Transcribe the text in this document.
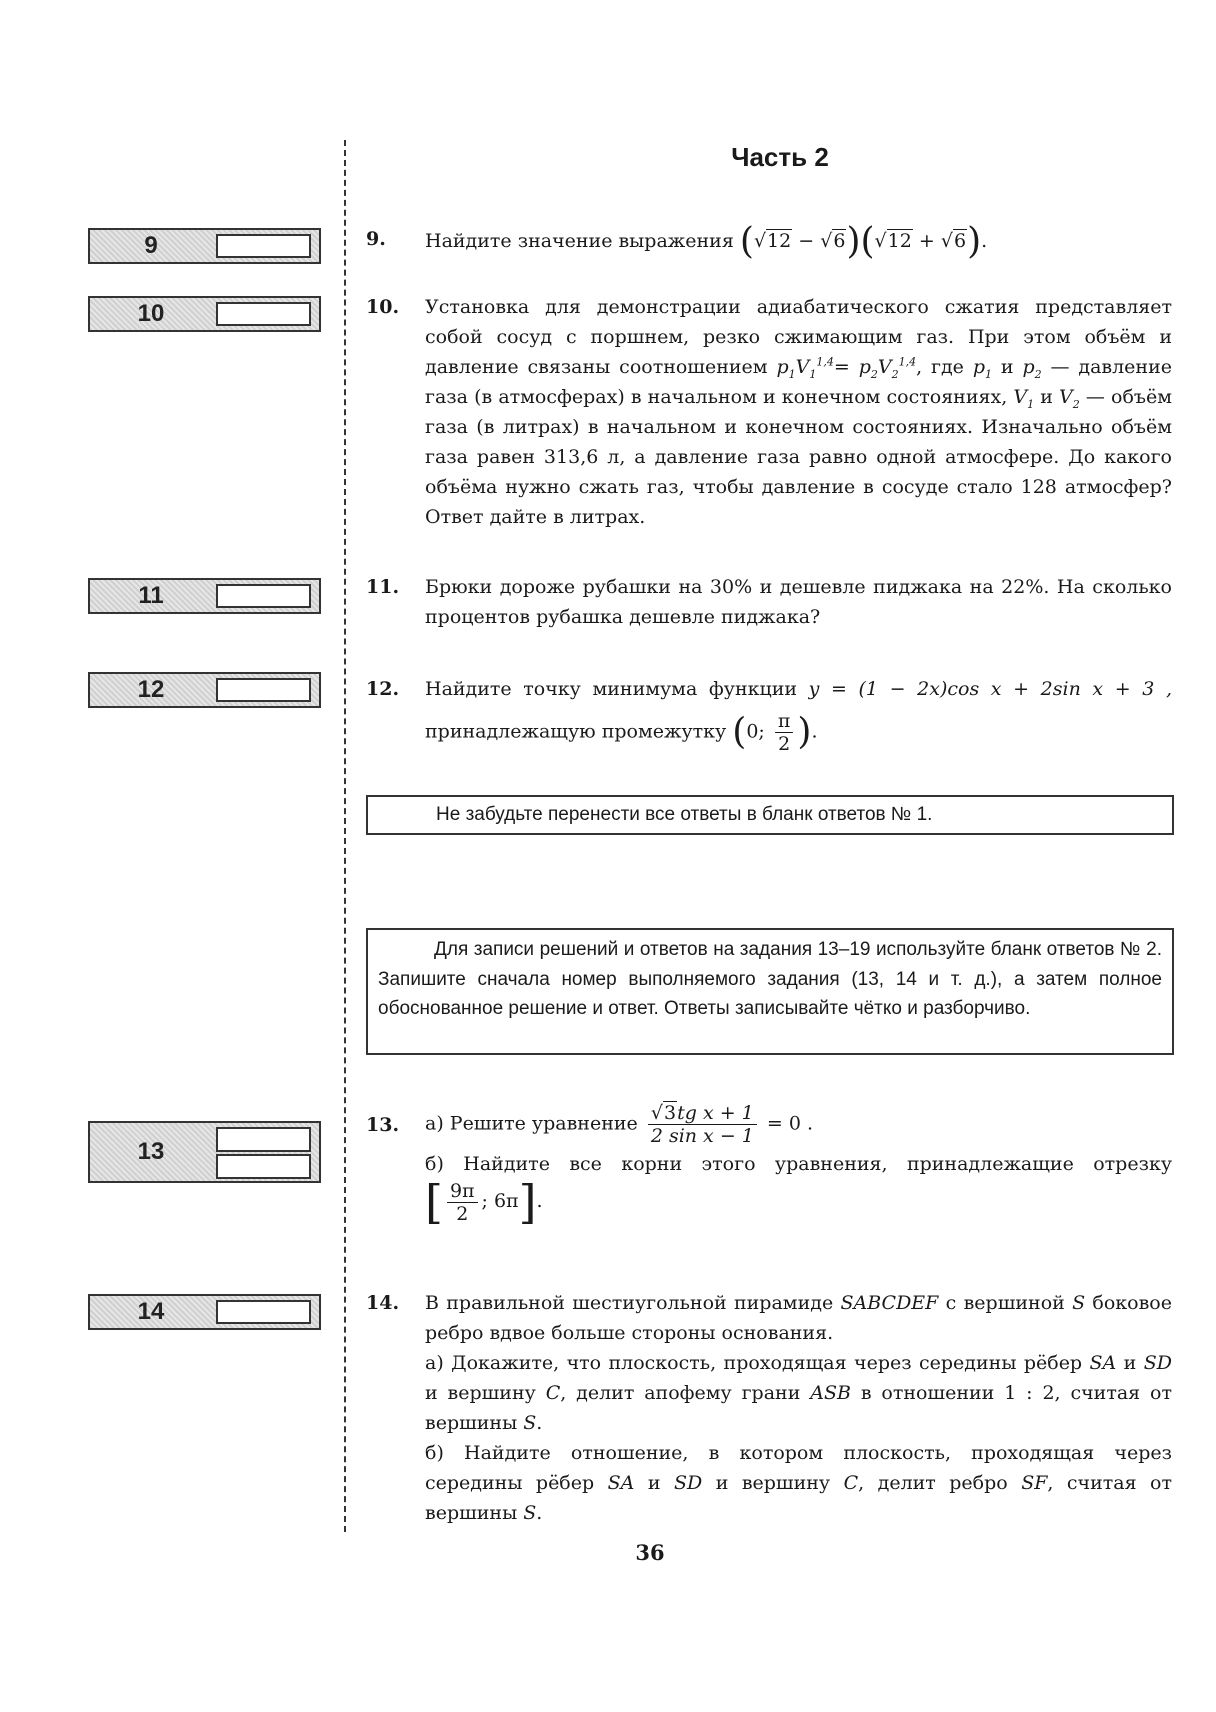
Часть 2
9
10
11
12
13
14
9. Найдите значение выражения (√12 − √6)(√12 + √6).
10. Установка для демонстрации адиабатического сжатия представляет собой сосуд с поршнем, резко сжимающим газ. При этом объём и давление связаны соотношением $p_1V_1^{1,4}= p_2V_2^{1,4}$, где $p_1$ и $p_2$ — давление газа (в атмосферах) в начальном и конечном состояниях, $V_1$ и $V_2$ — объём газа (в литрах) в начальном и конечном состояниях. Изначально объём газа равен 313,6 л, а давление газа равно одной атмосфере. До какого объёма нужно сжать газ, чтобы давление в сосуде стало 128 атмосфер? Ответ дайте в литрах.
11. Брюки дороже рубашки на 30% и дешевле пиджака на 22%. На сколько процентов рубашка дешевле пиджака?
12. Найдите точку минимума функции y = (1 − 2x)cos x + 2sin x + 3 ,

принадлежащую промежутку (0; $\frac{\pi}{2}$ ).

Не забудьте перенести все ответы в бланк ответов № 1.
Для записи решений и ответов на задания 13–19 используйте бланк ответов № 2. Запишите сначала номер выполняемого задания (13, 14 и т. д.), а затем полное обоснованное решение и ответ. Ответы записывайте чётко и разборчиво.
13. а) Решите уравнение $\frac{\text{√3tg x + 1}}{\text{2 sin x − 1}} = 0$ .

б) Найдите все корни этого уравнения, принадлежащие отрезку

[ $\frac{9\pi}{2}$ ; 6π].

14. В правильной шестиугольной пирамиде SABCDEF с вершиной S боковое ребро вдвое больше стороны основания.

а) Докажите, что плоскость, проходящая через середины рёбер SA и SD и вершину C, делит апофему грани ASB в отношении 1 : 2, считая от вершины S.

б) Найдите отношение, в котором плоскость, проходящая через середины рёбер SA и SD и вершину C, делит ребро SF, считая от вершины S.

36
